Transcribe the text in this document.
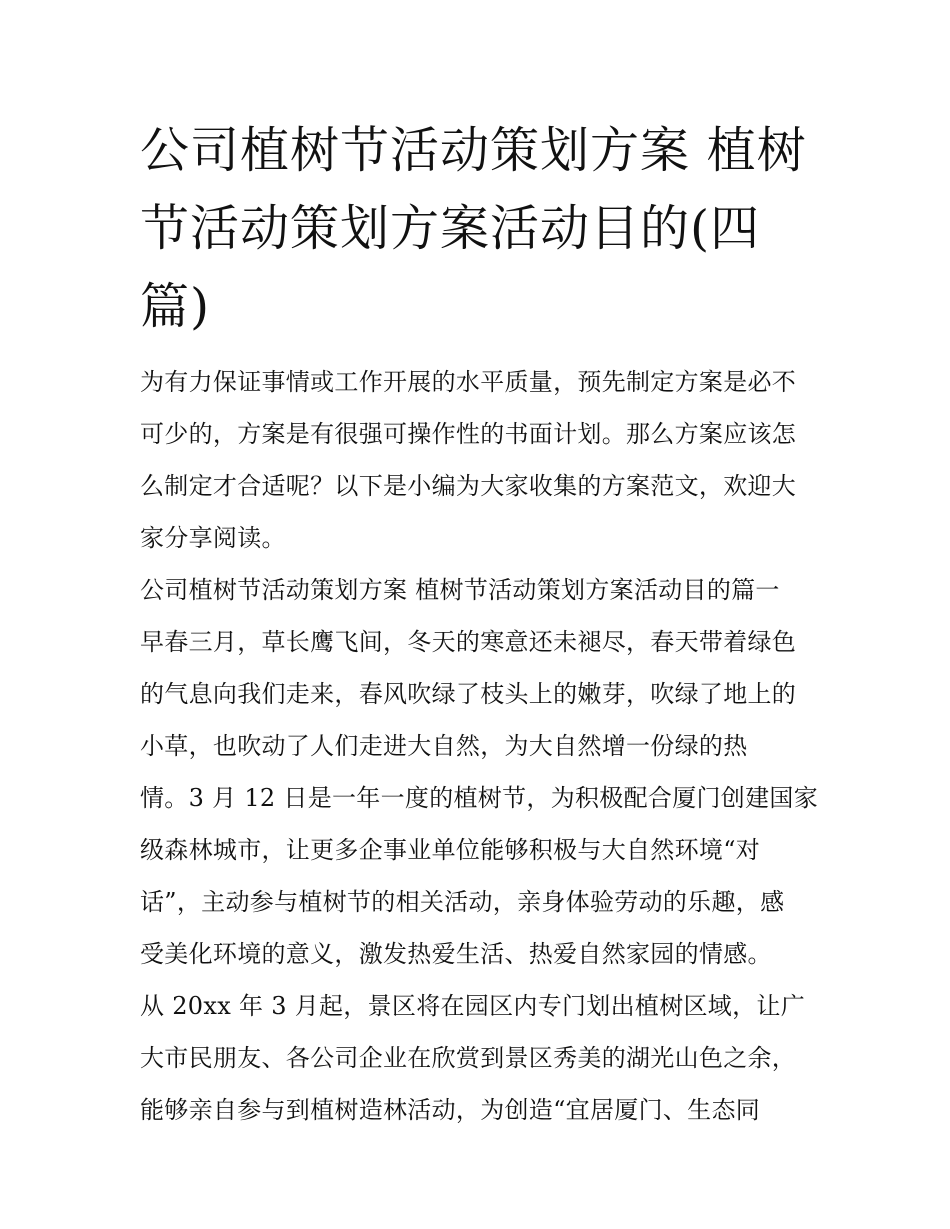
公司植树节活动策划方案 植树
节活动策划方案活动目的(四
篇)
为有力保证事情或工作开展的水平质量，预先制定方案是必不
可少的，方案是有很强可操作性的书面计划。那么方案应该怎
么制定才合适呢？以下是小编为大家收集的方案范文，欢迎大
家分享阅读。
公司植树节活动策划方案 植树节活动策划方案活动目的篇一
早春三月，草长鹰飞间，冬天的寒意还未褪尽，春天带着绿色
的气息向我们走来，春风吹绿了枝头上的嫩芽，吹绿了地上的
小草，也吹动了人们走进大自然，为大自然增一份绿的热
情。3 月 12 日是一年一度的植树节，为积极配合厦门创建国家
级森林城市，让更多企事业单位能够积极与大自然环境“对
话”，主动参与植树节的相关活动，亲身体验劳动的乐趣，感
受美化环境的意义，激发热爱生活、热爱自然家园的情感。
从 20xx 年 3 月起，景区将在园区内专门划出植树区域，让广
大市民朋友、各公司企业在欣赏到景区秀美的湖光山色之余，
能够亲自参与到植树造林活动，为创造“宜居厦门、生态同
